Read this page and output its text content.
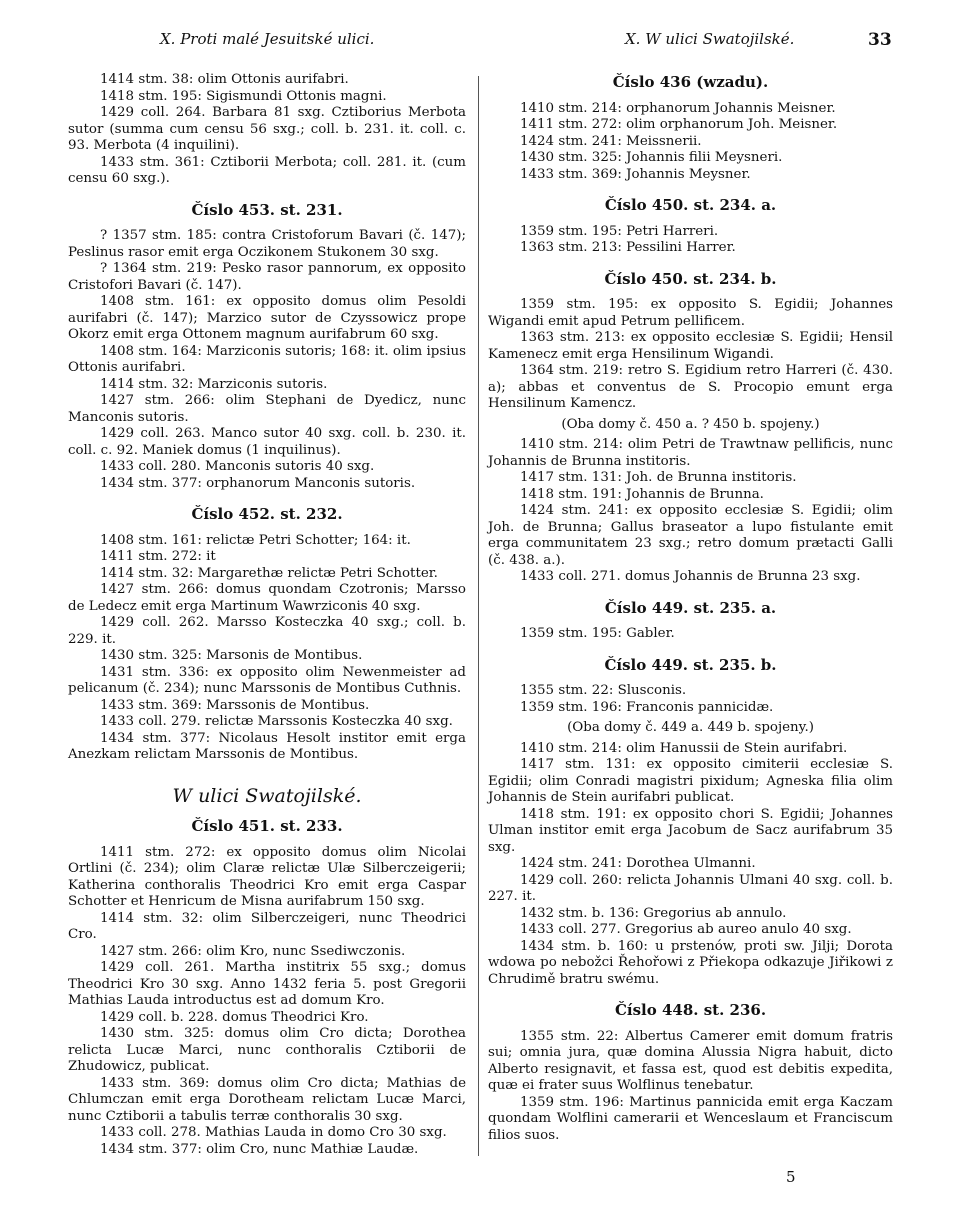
X. Proti malé Jesuitské ulici.	X. W ulici Swatojilské.	33

1414 stm. 38: olim Ottonis aurifabri.

1418 stm. 195: Sigismundi Ottonis magni.

1429 coll. 264. Barbara 81 sxg. Cztiborius Merbota sutor (summa cum censu 56 sxg.; coll. b. 231. it. coll. c. 93. Merbota (4 inquilini).

1433 stm. 361: Cztiborii Merbota; coll. 281. it. (cum censu 60 sxg.).

Číslo 453. st. 231.

? 1357 stm. 185: contra Cristoforum Bavari (č. 147); Peslinus rasor emit erga Oczikonem Stukonem 30 sxg.

? 1364 stm. 219: Pesko rasor pannorum, ex opposito Cristofori Bavari (č. 147).

1408 stm. 161: ex opposito domus olim Pesoldi aurifabri (č. 147); Marzico sutor de Czyssowicz prope Okorz emit erga Ottonem magnum aurifabrum 60 sxg.

1408 stm. 164: Marziconis sutoris; 168: it. olim ipsius Ottonis aurifabri.

1414 stm. 32: Marziconis sutoris.

1427 stm. 266: olim Stephani de Dyedicz, nunc Manconis sutoris.

1429 coll. 263. Manco sutor 40 sxg. coll. b. 230. it. coll. c. 92. Maniek domus (1 inquilinus).

1433 coll. 280. Manconis sutoris 40 sxg.

1434 stm. 377: orphanorum Manconis sutoris.

Číslo 452. st. 232.

1408 stm. 161: relictæ Petri Schotter; 164: it.

1411 stm. 272: it

1414 stm. 32: Margarethæ relictæ Petri Schotter.

1427 stm. 266: domus quondam Czotronis; Marsso de Ledecz emit erga Martinum Wawrziconis 40 sxg.

1429 coll. 262. Marsso Kosteczka 40 sxg.; coll. b. 229. it.

1430 stm. 325: Marsonis de Montibus.

1431 stm. 336: ex opposito olim Newenmeister ad pelicanum (č. 234); nunc Marssonis de Montibus Cuthnis.

1433 stm. 369: Marssonis de Montibus.

1433 coll. 279. relictæ Marssonis Kosteczka 40 sxg.

1434 stm. 377: Nicolaus Hesolt institor emit erga Anezkam relictam Marssonis de Montibus.

W ulici Swatojilské.
Číslo 451. st. 233.

1411 stm. 272: ex opposito domus olim Nicolai Ortlini (č. 234); olim Claræ relictæ Ulæ Silberczeigerii; Katherina conthoralis Theodrici Kro emit erga Caspar Schotter et Henricum de Misna aurifabrum 150 sxg.

1414 stm. 32: olim Silberczeigeri, nunc Theodrici Cro.

1427 stm. 266: olim Kro, nunc Ssediwczonis.

1429 coll. 261. Martha institrix 55 sxg.; domus Theodrici Kro 30 sxg. Anno 1432 feria 5. post Gregorii Mathias Lauda introductus est ad domum Kro.

1429 coll. b. 228. domus Theodrici Kro.

1430 stm. 325: domus olim Cro dicta; Dorothea relicta Lucæ Marci, nunc conthoralis Cztiborii de Zhudowicz, publicat.

1433 stm. 369: domus olim Cro dicta; Mathias de Chlumczan emit erga Dorotheam relictam Lucæ Marci, nunc Cztiborii a tabulis terræ conthoralis 30 sxg.

1433 coll. 278. Mathias Lauda in domo Cro 30 sxg.

1434 stm. 377: olim Cro, nunc Mathiæ Laudæ.

Číslo 436 (wzadu).

1410 stm. 214: orphanorum Johannis Meisner.

1411 stm. 272: olim orphanorum Joh. Meisner.

1424 stm. 241: Meissnerii.

1430 stm. 325: Johannis filii Meysneri.

1433 stm. 369: Johannis Meysner.

Číslo 450. st. 234. a.

1359 stm. 195: Petri Harreri.

1363 stm. 213: Pessilini Harrer.

Číslo 450. st. 234. b.

1359 stm. 195: ex opposito S. Egidii; Johannes Wigandi emit apud Petrum pellificem.

1363 stm. 213: ex opposito ecclesiæ S. Egidii; Hensil Kamenecz emit erga Hensilinum Wigandi.

1364 stm. 219: retro S. Egidium retro Harreri (č. 430. a); abbas et conventus de S. Procopio emunt erga Hensilinum Kamencz.

(Oba domy č. 450 a. ? 450 b. spojeny.)

1410 stm. 214: olim Petri de Trawtnaw pellificis, nunc Johannis de Brunna institoris.

1417 stm. 131: Joh. de Brunna institoris.

1418 stm. 191: Johannis de Brunna.

1424 stm. 241: ex opposito ecclesiæ S. Egidii; olim Joh. de Brunna; Gallus braseator a lupo fistulante emit erga communitatem 23 sxg.; retro domum prætacti Galli (č. 438. a.).

1433 coll. 271. domus Johannis de Brunna 23 sxg.

Číslo 449. st. 235. a.

1359 stm. 195: Gabler.

Číslo 449. st. 235. b.

1355 stm. 22: Slusconis.

1359 stm. 196: Franconis pannicidæ.

(Oba domy č. 449 a. 449 b. spojeny.)

1410 stm. 214: olim Hanussii de Stein aurifabri.

1417 stm. 131: ex opposito cimiterii ecclesiæ S. Egidii; olim Conradi magistri pixidum; Agneska filia olim Johannis de Stein aurifabri publicat.

1418 stm. 191: ex opposito chori S. Egidii; Johannes Ulman institor emit erga Jacobum de Sacz aurifabrum 35 sxg.

1424 stm. 241: Dorothea Ulmanni.

1429 coll. 260: relicta Johannis Ulmani 40 sxg. coll. b. 227. it.

1432 stm. b. 136: Gregorius ab annulo.

1433 coll. 277. Gregorius ab aureo anulo 40 sxg.

1434 stm. b. 160: u prstenów, proti sw. Jilji; Dorota wdowa po nebožci Řehořowi z Přiekopa odkazuje Jiřikowi z Chrudimě bratru swému.

Číslo 448. st. 236.

1355 stm. 22: Albertus Camerer emit domum fratris sui; omnia jura, quæ domina Alussia Nigra habuit, dicto Alberto resignavit, et fassa est, quod est debitis expedita, quæ ei frater suus Wolflinus tenebatur.

1359 stm. 196: Martinus pannicida emit erga Kaczam quondam Wolflini camerarii et Wenceslaum et Franciscum filios suos.

5
